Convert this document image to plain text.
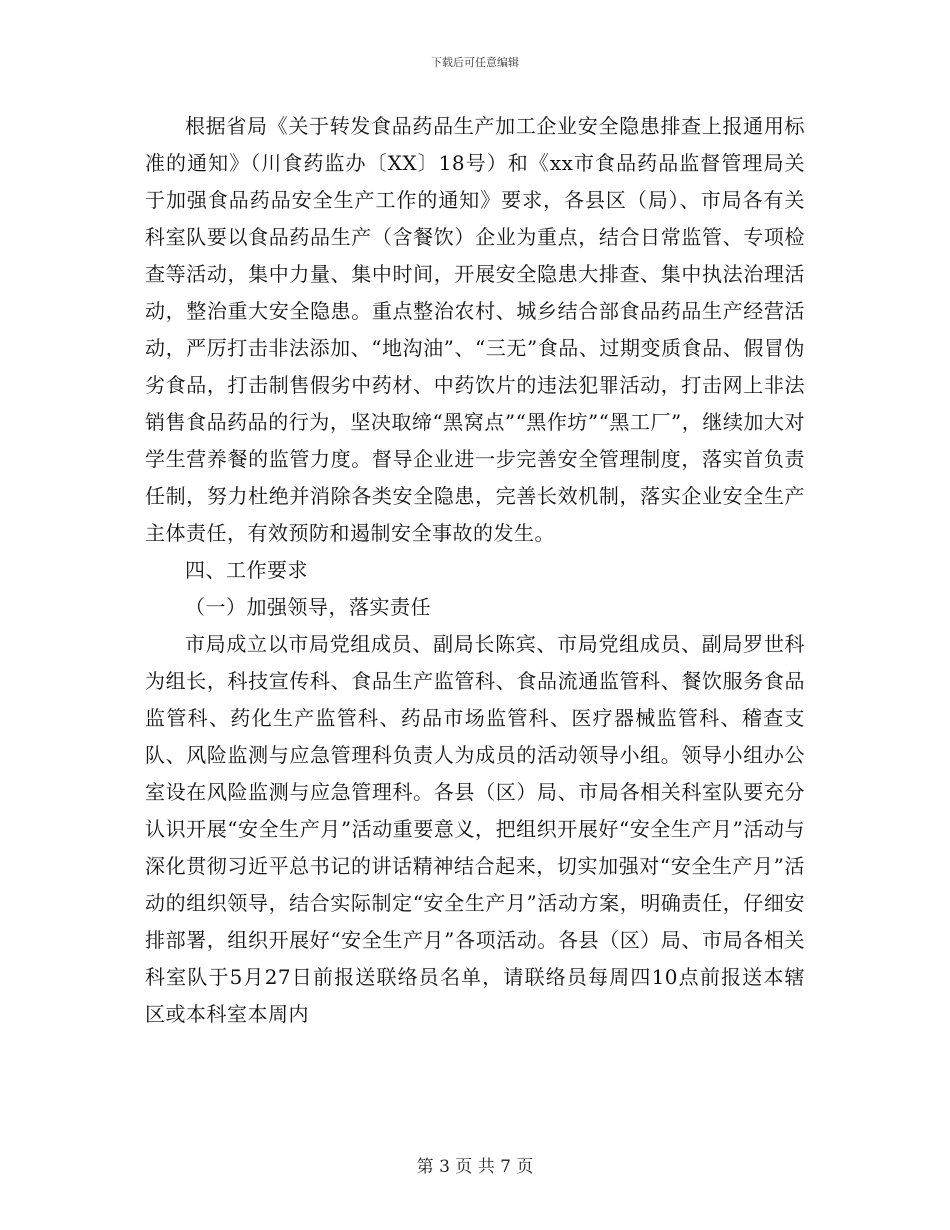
下载后可任意编辑

根据省局《关于转发食品药品生产加工企业安全隐患排查上报通用标准的通知》（川食药监办〔XX〕18号）和《xx市食品药品监督管理局关于加强食品药品安全生产工作的通知》要求，各县区（局）、市局各有关科室队要以食品药品生产（含餐饮）企业为重点，结合日常监管、专项检查等活动，集中力量、集中时间，开展安全隐患大排查、集中执法治理活动，整治重大安全隐患。重点整治农村、城乡结合部食品药品生产经营活动，严厉打击非法添加、“地沟油”、“三无”食品、过期变质食品、假冒伪劣食品，打击制售假劣中药材、中药饮片的违法犯罪活动，打击网上非法销售食品药品的行为，坚决取缔“黑窝点”“黑作坊”“黑工厂”，继续加大对学生营养餐的监管力度。督导企业进一步完善安全管理制度，落实首负责任制，努力杜绝并消除各类安全隐患，完善长效机制，落实企业安全生产主体责任，有效预防和遏制安全事故的发生。

四、工作要求

（一）加强领导，落实责任

市局成立以市局党组成员、副局长陈宾、市局党组成员、副局罗世科为组长，科技宣传科、食品生产监管科、食品流通监管科、餐饮服务食品监管科、药化生产监管科、药品市场监管科、医疗器械监管科、稽查支队、风险监测与应急管理科负责人为成员的活动领导小组。领导小组办公室设在风险监测与应急管理科。各县（区）局、市局各相关科室队要充分认识开展“安全生产月”活动重要意义，把组织开展好“安全生产月”活动与深化贯彻习近平总书记的讲话精神结合起来，切实加强对“安全生产月”活动的组织领导，结合实际制定“安全生产月”活动方案，明确责任，仔细安排部署，组织开展好“安全生产月”各项活动。各县（区）局、市局各相关科室队于5月27日前报送联络员名单，请联络员每周四10点前报送本辖区或本科室本周内

第 3 页 共 7 页
